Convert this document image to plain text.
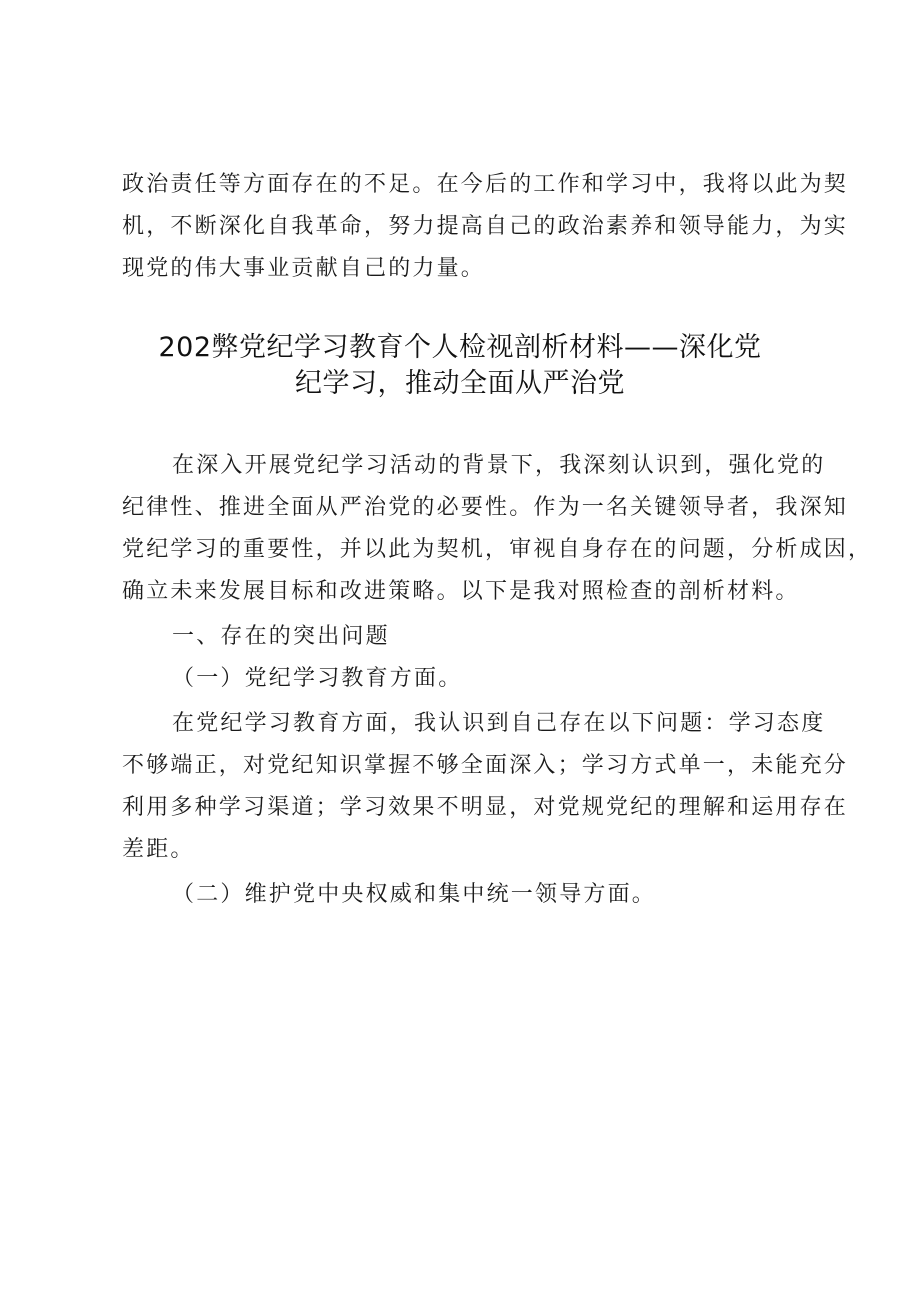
政治责任等方面存在的不足。在今后的工作和学习中，我将以此为契
机，不断深化自我革命，努力提高自己的政治素养和领导能力，为实
现党的伟大事业贡献自己的力量。
202弊党纪学习教育个人检视剖析材料——深化党
纪学习，推动全面从严治党
在深入开展党纪学习活动的背景下，我深刻认识到，强化党的
纪律性、推进全面从严治党的必要性。作为一名关键领导者，我深知
党纪学习的重要性，并以此为契机，审视自身存在的问题，分析成因，
确立未来发展目标和改进策略。以下是我对照检查的剖析材料。
一、存在的突出问题
（一）党纪学习教育方面。
在党纪学习教育方面，我认识到自己存在以下问题：学习态度
不够端正，对党纪知识掌握不够全面深入；学习方式单一，未能充分
利用多种学习渠道；学习效果不明显，对党规党纪的理解和运用存在
差距。
（二）维护党中央权威和集中统一领导方面。
